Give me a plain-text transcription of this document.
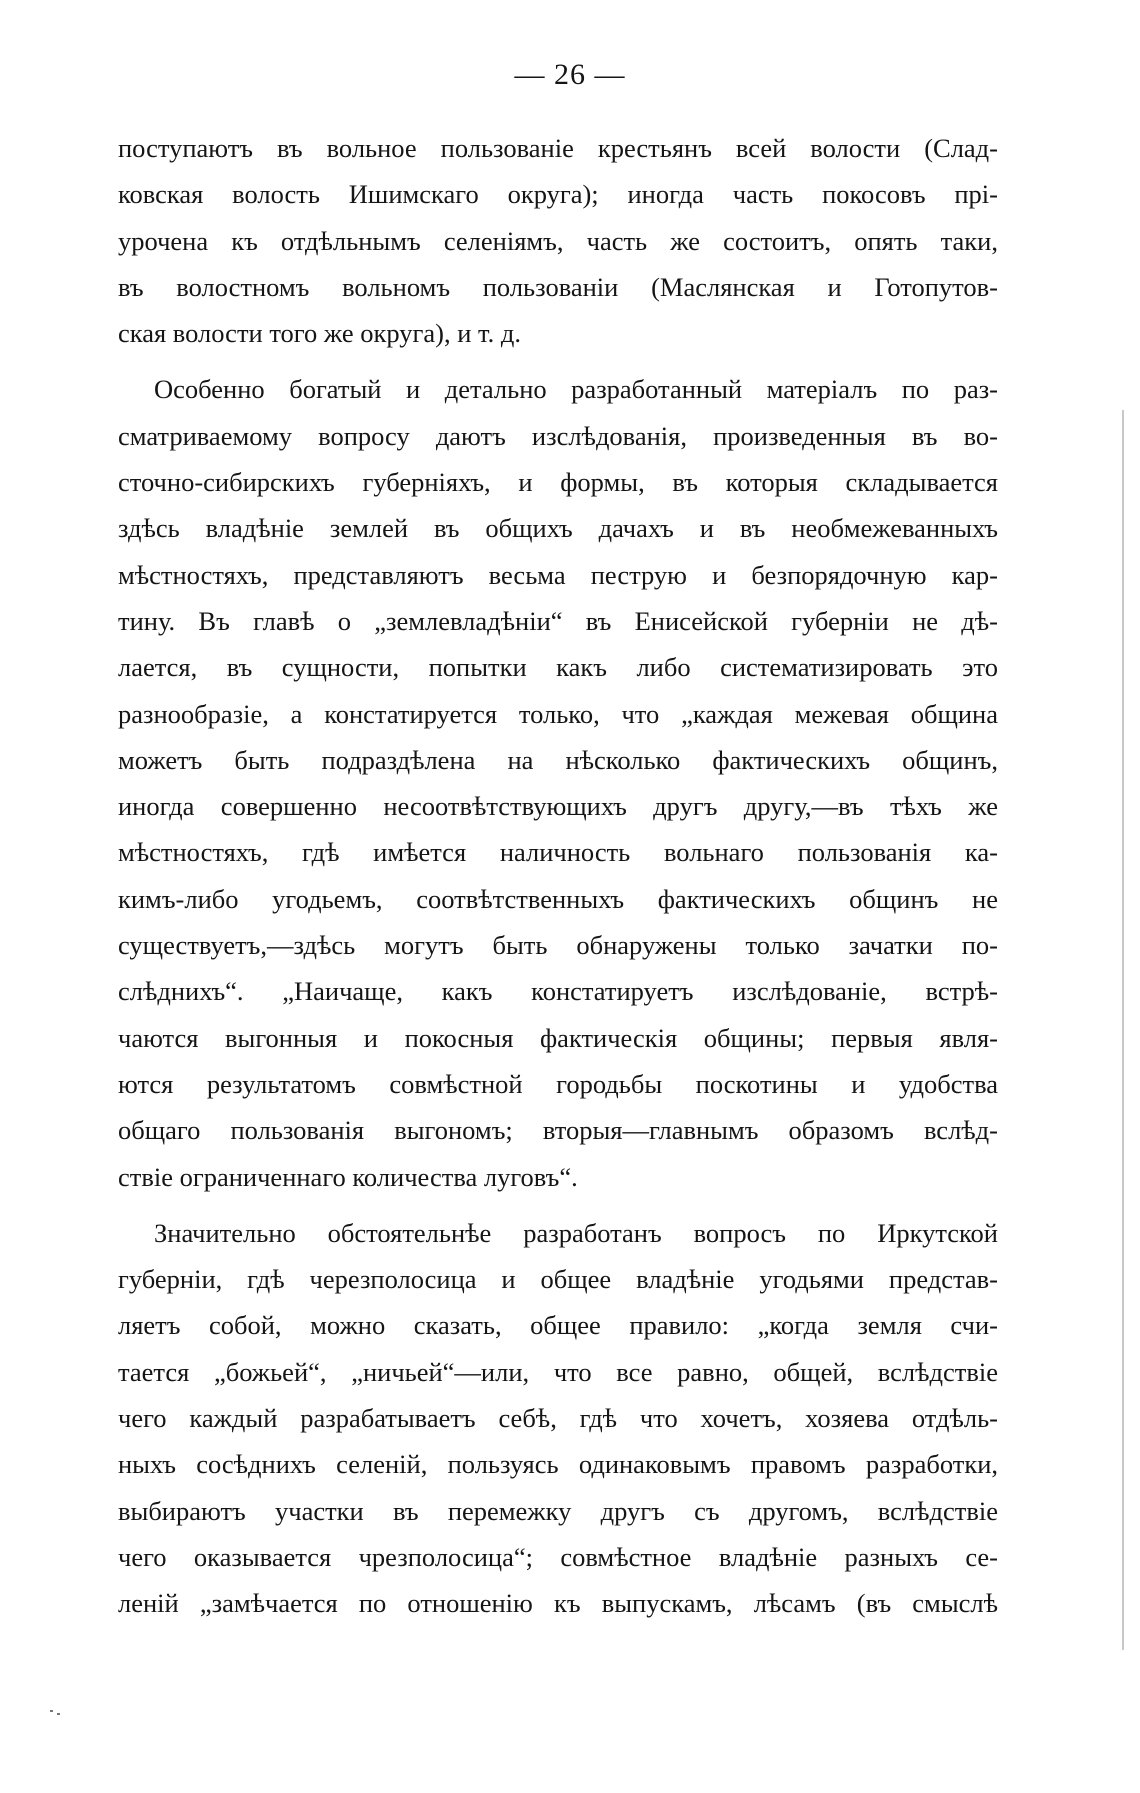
— 26 —
поступаютъ въ вольное пользованіе крестьянъ всей волости (Слад-
ковская волость Ишимскаго округа); иногда часть покосовъ прі-
урочена къ отдѣльнымъ селеніямъ, часть же состоитъ, опять таки,
въ волостномъ вольномъ пользованіи (Маслянская и Готопутов-
ская волости того же округа), и т. д.
Особенно богатый и детально разработанный матеріалъ по раз-
сматриваемому вопросу даютъ изслѣдованія, произведенныя въ во-
сточно-сибирскихъ губерніяхъ, и формы, въ которыя складывается
здѣсь владѣніе землей въ общихъ дачахъ и въ необмежеванныхъ
мѣстностяхъ, представляютъ весьма пеструю и безпорядочную кар-
тину. Въ главѣ о „землевладѣніи“ въ Енисейской губерніи не дѣ-
лается, въ сущности, попытки какъ либо систематизировать это
разнообразіе, а констатируется только, что „каждая межевая община
можетъ быть подраздѣлена на нѣсколько фактическихъ общинъ,
иногда совершенно несоотвѣтствующихъ другъ другу,—въ тѣхъ же
мѣстностяхъ, гдѣ имѣется наличность вольнаго пользованія ка-
кимъ-либо угодьемъ, соотвѣтственныхъ фактическихъ общинъ не
существуетъ,—здѣсь могутъ быть обнаружены только зачатки по-
слѣднихъ“. „Наичаще, какъ констатируетъ изслѣдованіе, встрѣ-
чаются выгонныя и покосныя фактическія общины; первыя явля-
ются результатомъ совмѣстной городьбы поскотины и удобства
общаго пользованія выгономъ; вторыя—главнымъ образомъ вслѣд-
ствіе ограниченнаго количества луговъ“.
Значительно обстоятельнѣе разработанъ вопросъ по Иркутской
губерніи, гдѣ черезполосица и общее владѣніе угодьями представ-
ляетъ собой, можно сказать, общее правило: „когда земля счи-
тается „божьей“, „ничьей“—или, что все равно, общей, вслѣдствіе
чего каждый разрабатываетъ себѣ, гдѣ что хочетъ, хозяева отдѣль-
ныхъ сосѣднихъ селеній, пользуясь одинаковымъ правомъ разработки,
выбираютъ участки въ перемежку другъ съ другомъ, вслѣдствіе
чего оказывается чрезполосица“; совмѣстное владѣніе разныхъ се-
леній „замѣчается по отношенію къ выпускамъ, лѣсамъ (въ смыслѣ
